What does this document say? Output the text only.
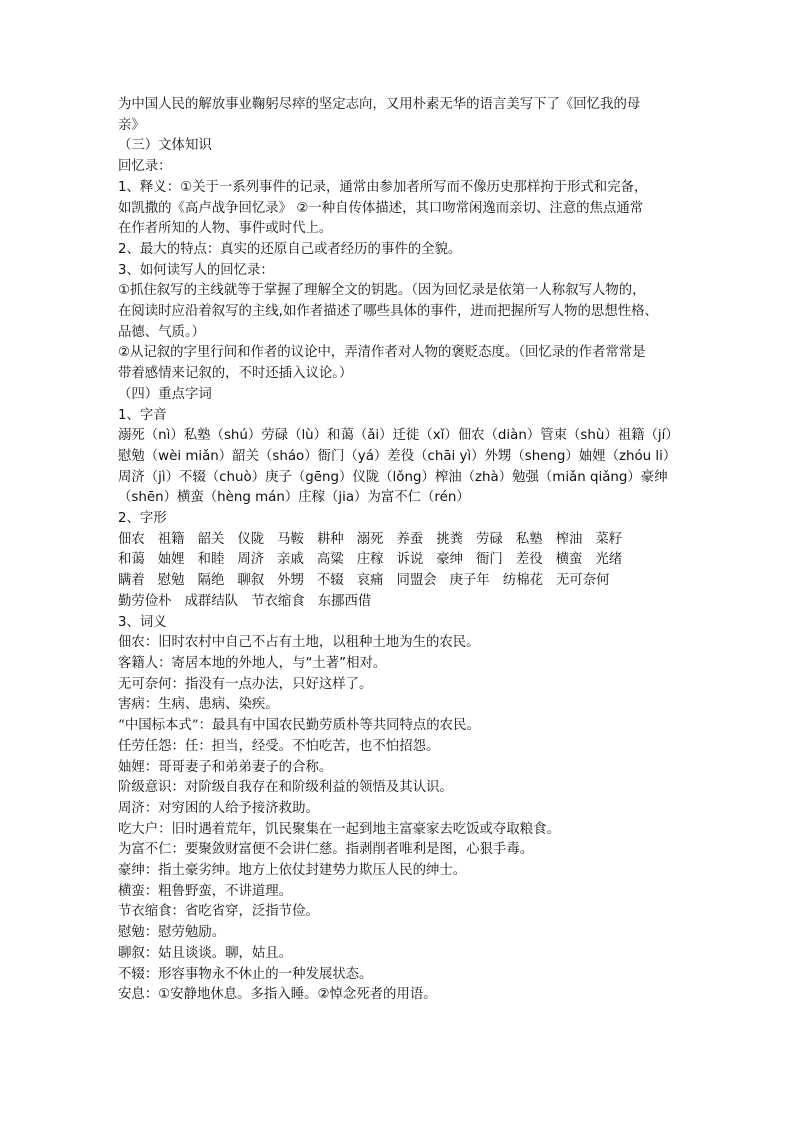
为中国人民的解放事业鞠躬尽瘁的坚定志向，又用朴素无华的语言美写下了《回忆我的母
亲》
（三）文体知识
回忆录：
1、释义：①关于一系列事件的记录，通常由参加者所写而不像历史那样拘于形式和完备，
如凯撒的《高卢战争回忆录》 ②一种自传体描述，其口吻常闲逸而亲切、注意的焦点通常
在作者所知的人物、事件或时代上。
2、最大的特点：真实的还原自己或者经历的事件的全貌。
3、如何读写人的回忆录：
①抓住叙写的主线就等于掌握了理解全文的钥匙。（因为回忆录是依第一人称叙写人物的，
在阅读时应沿着叙写的主线,如作者描述了哪些具体的事件，进而把握所写人物的思想性格、
品德、气质。）
②从记叙的字里行间和作者的议论中，弄清作者对人物的褒贬态度。（回忆录的作者常常是
带着感情来记叙的，不时还插入议论。）
（四）重点字词
1、字音
溺死（nì）私塾（shú）劳碌（lù）和蔼（ǎi）迁徙（xǐ）佃农（diàn）管束（shù）祖籍（jí）
慰勉（wèi miǎn）韶关（sháo）衙门（yá）差役（chāi yì）外甥（sheng）妯娌（zhóu li）
周济（jì）不辍（chuò）庚子（gēng）仪陇（lǒng）榨油（zhà）勉强（miǎn qiǎng）豪绅
（shēn）横蛮（hèng mán）庄稼（jia）为富不仁（rén）
2、字形
佃农 祖籍 韶关 仪陇 马鞍 耕种 溺死 养蚕 挑粪 劳碌 私塾 榨油 菜籽
和蔼 妯娌 和睦 周济 亲戚 高粱 庄稼 诉说 豪绅 衙门 差役 横蛮 光绪
瞒着 慰勉 隔绝 聊叙 外甥 不辍 哀痛 同盟会 庚子年 纺棉花 无可奈何
勤劳俭朴 成群结队 节衣缩食 东挪西借
3、词义
佃农：旧时农村中自己不占有土地，以租种土地为生的农民。
客籍人：寄居本地的外地人，与“土著”相对。
无可奈何：指没有一点办法，只好这样了。
害病：生病、患病、染疾。
“中国标本式”：最具有中国农民勤劳质朴等共同特点的农民。
任劳任怨：任：担当，经受。不怕吃苦，也不怕招怨。
妯娌：哥哥妻子和弟弟妻子的合称。
阶级意识：对阶级自我存在和阶级利益的领悟及其认识。
周济：对穷困的人给予接济救助。
吃大户：旧时遇着荒年，饥民聚集在一起到地主富豪家去吃饭或夺取粮食。
为富不仁：要聚敛财富便不会讲仁慈。指剥削者唯利是图，心狠手毒。
豪绅：指土豪劣绅。地方上依仗封建势力欺压人民的绅士。
横蛮：粗鲁野蛮，不讲道理。
节衣缩食：省吃省穿，泛指节俭。
慰勉：慰劳勉励。
聊叙：姑且谈谈。聊，姑且。
不辍：形容事物永不休止的一种发展状态。
安息：①安静地休息。多指入睡。②悼念死者的用语。
